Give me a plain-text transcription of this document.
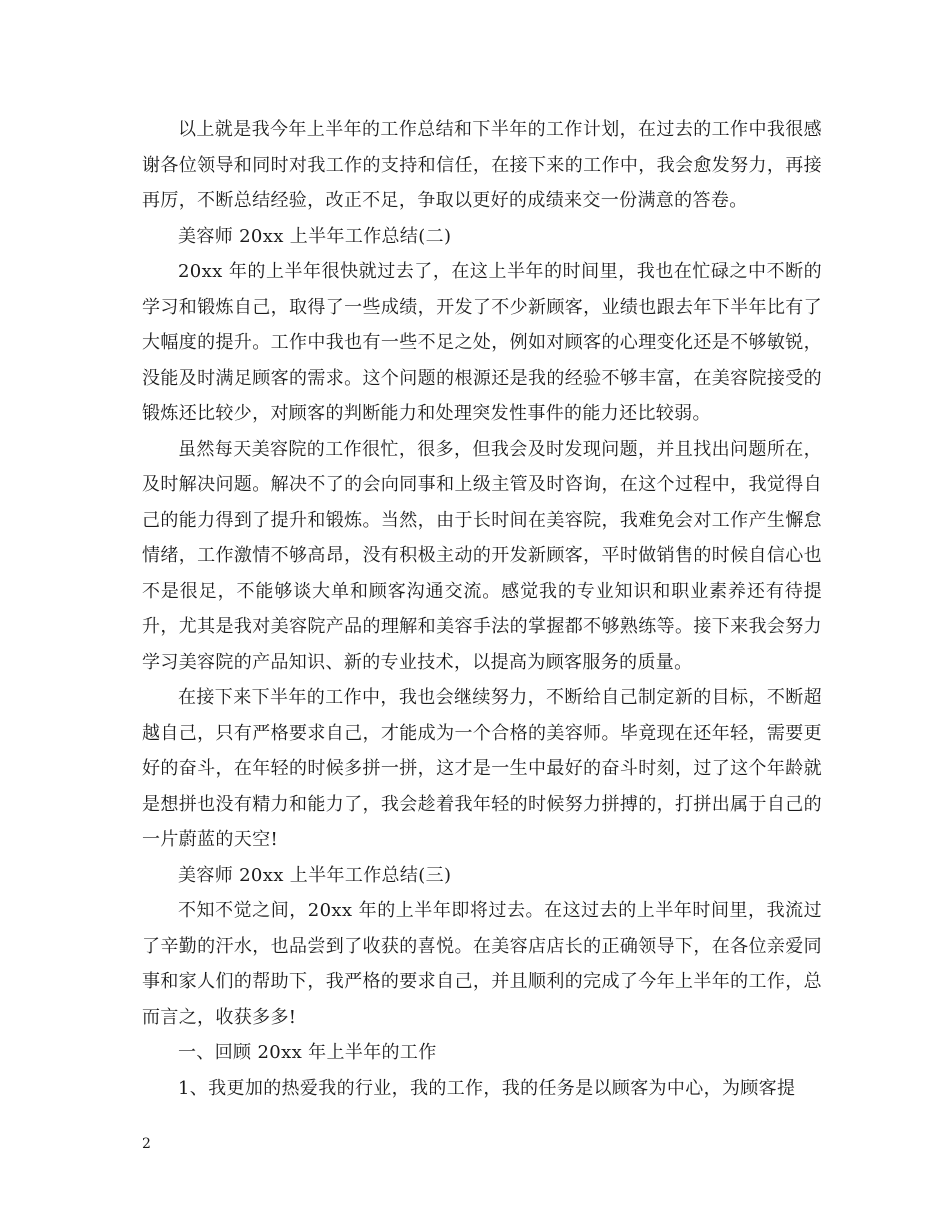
以上就是我今年上半年的工作总结和下半年的工作计划，在过去的工作中我很感谢各位领导和同时对我工作的支持和信任，在接下来的工作中，我会愈发努力，再接再厉，不断总结经验，改正不足，争取以更好的成绩来交一份满意的答卷。

美容师 20xx 上半年工作总结(二)

20xx 年的上半年很快就过去了，在这上半年的时间里，我也在忙碌之中不断的学习和锻炼自己，取得了一些成绩，开发了不少新顾客，业绩也跟去年下半年比有了大幅度的提升。工作中我也有一些不足之处，例如对顾客的心理变化还是不够敏锐，没能及时满足顾客的需求。这个问题的根源还是我的经验不够丰富，在美容院接受的锻炼还比较少，对顾客的判断能力和处理突发性事件的能力还比较弱。

虽然每天美容院的工作很忙，很多，但我会及时发现问题，并且找出问题所在，及时解决问题。解决不了的会向同事和上级主管及时咨询，在这个过程中，我觉得自己的能力得到了提升和锻炼。当然，由于长时间在美容院，我难免会对工作产生懈怠情绪，工作激情不够高昂，没有积极主动的开发新顾客，平时做销售的时候自信心也不是很足，不能够谈大单和顾客沟通交流。感觉我的专业知识和职业素养还有待提升，尤其是我对美容院产品的理解和美容手法的掌握都不够熟练等。接下来我会努力学习美容院的产品知识、新的专业技术，以提高为顾客服务的质量。

在接下来下半年的工作中，我也会继续努力，不断给自己制定新的目标，不断超越自己，只有严格要求自己，才能成为一个合格的美容师。毕竟现在还年轻，需要更好的奋斗，在年轻的时候多拼一拼，这才是一生中最好的奋斗时刻，过了这个年龄就是想拼也没有精力和能力了，我会趁着我年轻的时候努力拼搏的，打拼出属于自己的一片蔚蓝的天空!

美容师 20xx 上半年工作总结(三)

不知不觉之间，20xx 年的上半年即将过去。在这过去的上半年时间里，我流过了辛勤的汗水，也品尝到了收获的喜悦。在美容店店长的正确领导下，在各位亲爱同事和家人们的帮助下，我严格的要求自己，并且顺利的完成了今年上半年的工作，总而言之，收获多多!

一、回顾 20xx 年上半年的工作

1、我更加的热爱我的行业，我的工作，我的任务是以顾客为中心，为顾客提

2
